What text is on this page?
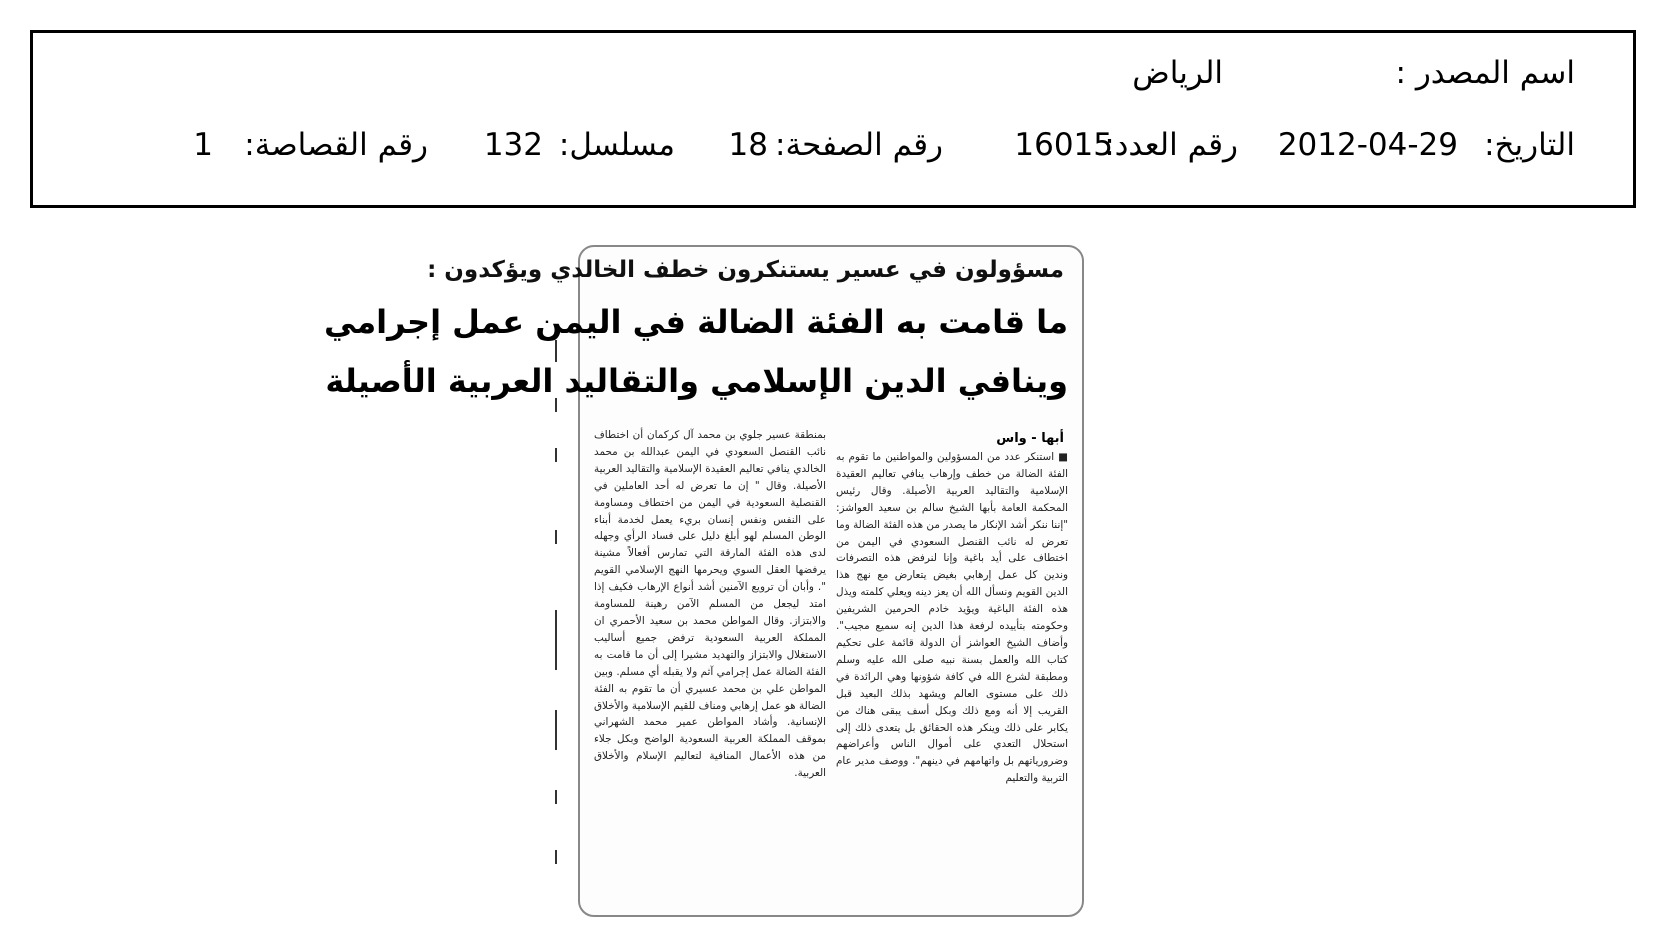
اسم المصدر :
الرياض
التاريخ:
2012-04-29
رقم العدد:
16015
رقم الصفحة:
18
مسلسل:
132
رقم القصاصة:
1
مسؤولون في عسير يستنكرون خطف الخالدي ويؤكدون :
ما قامت به الفئة الضالة في اليمن عمل إجرامي
وينافي الدين الإسلامي والتقاليد العربية الأصيلة
أبها - واس
■ استنكر عدد من المسؤولين والمواطنين ما تقوم به الفئة الضالة من خطف وإرهاب ينافي تعاليم العقيدة الإسلامية والتقاليد العربية الأصيلة. وقال رئيس المحكمة العامة بأبها الشيخ سالم بن سعيد العواشز: "إننا ننكر أشد الإنكار ما يصدر من هذه الفئة الضالة وما تعرض له نائب القنصل السعودي في اليمن من اختطاف على أيد باغية وإنا لنرفض هذه التصرفات وندين كل عمل إرهابي بغيض يتعارض مع نهج هذا الدين القويم ونسأل الله أن يعز دينه ويعلي كلمته ويذل هذه الفئة الباغية ويؤيد خادم الحرمين الشريفين وحكومته بتأييده لرفعة هذا الدين إنه سميع مجيب". وأضاف الشيخ العواشز أن الدولة قائمة على تحكيم كتاب الله والعمل بسنة نبيه صلى الله عليه وسلم ومطبقة لشرع الله في كافة شؤونها وهي الرائدة في ذلك على مستوى العالم ويشهد بذلك البعيد قبل القريب إلا أنه ومع ذلك وبكل أسف يبقى هناك من يكابر على ذلك وينكر هذه الحقائق بل يتعدى ذلك إلى استحلال التعدي على أموال الناس وأعراضهم وضرورياتهم بل واتهامهم في دينهم". ووصف مدير عام التربية والتعليم
بمنطقة عسير جلوي بن محمد آل كركمان أن اختطاف نائب القنصل السعودي في اليمن عبدالله بن محمد الخالدي ينافي تعاليم العقيدة الإسلامية والتقاليد العربية الأصيلة. وقال " إن ما تعرض له أحد العاملين في القنصلية السعودية في اليمن من اختطاف ومساومة على النفس ونفس إنسان بريء يعمل لخدمة أبناء الوطن المسلم لهو أبلغ دليل على فساد الرأي وجهله لدى هذه الفئة المارقة التي تمارس أفعالاً مشينة يرفضها العقل السوي ويحرمها النهج الإسلامي القويم ". وأبان أن ترويع الآمنين أشد أنواع الإرهاب فكيف إذا امتد ليجعل من المسلم الآمن رهينة للمساومة والابتزاز. وقال المواطن محمد بن سعيد الأحمري ان المملكة العربية السعودية ترفض جميع أساليب الاستغلال والابتزاز والتهديد مشيرا إلى أن ما قامت به الفئة الضالة عمل إجرامي آثم ولا يقبله أي مسلم. وبين المواطن علي بن محمد عسيري أن ما تقوم به الفئة الضالة هو عمل إرهابي ومناف للقيم الإسلامية والأخلاق الإنسانية. وأشاد المواطن عمير محمد الشهراني بموقف المملكة العربية السعودية الواضح وبكل جلاء من هذه الأعمال المنافية لتعاليم الإسلام والأخلاق العربية.
